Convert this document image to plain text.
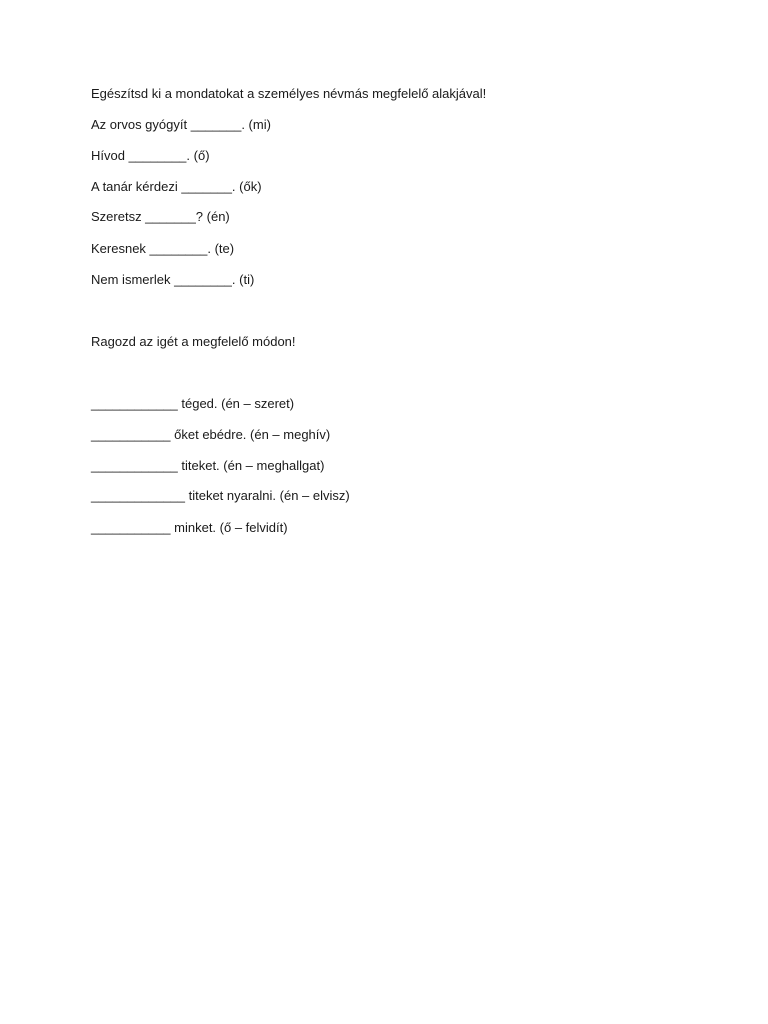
Egészítsd ki a mondatokat a személyes névmás megfelelő alakjával!
Az orvos gyógyít _______. (mi)
Hívod ________. (ő)
A tanár kérdezi _______. (ők)
Szeretsz _______? (én)
Keresnek ________. (te)
Nem ismerlek ________. (ti)
Ragozd az igét a megfelelő módon!
____________ téged. (én – szeret)
___________ őket ebédre. (én – meghív)
____________ titeket. (én – meghallgat)
_____________ titeket nyaralni. (én – elvisz)
___________ minket. (ő – felvidít)
